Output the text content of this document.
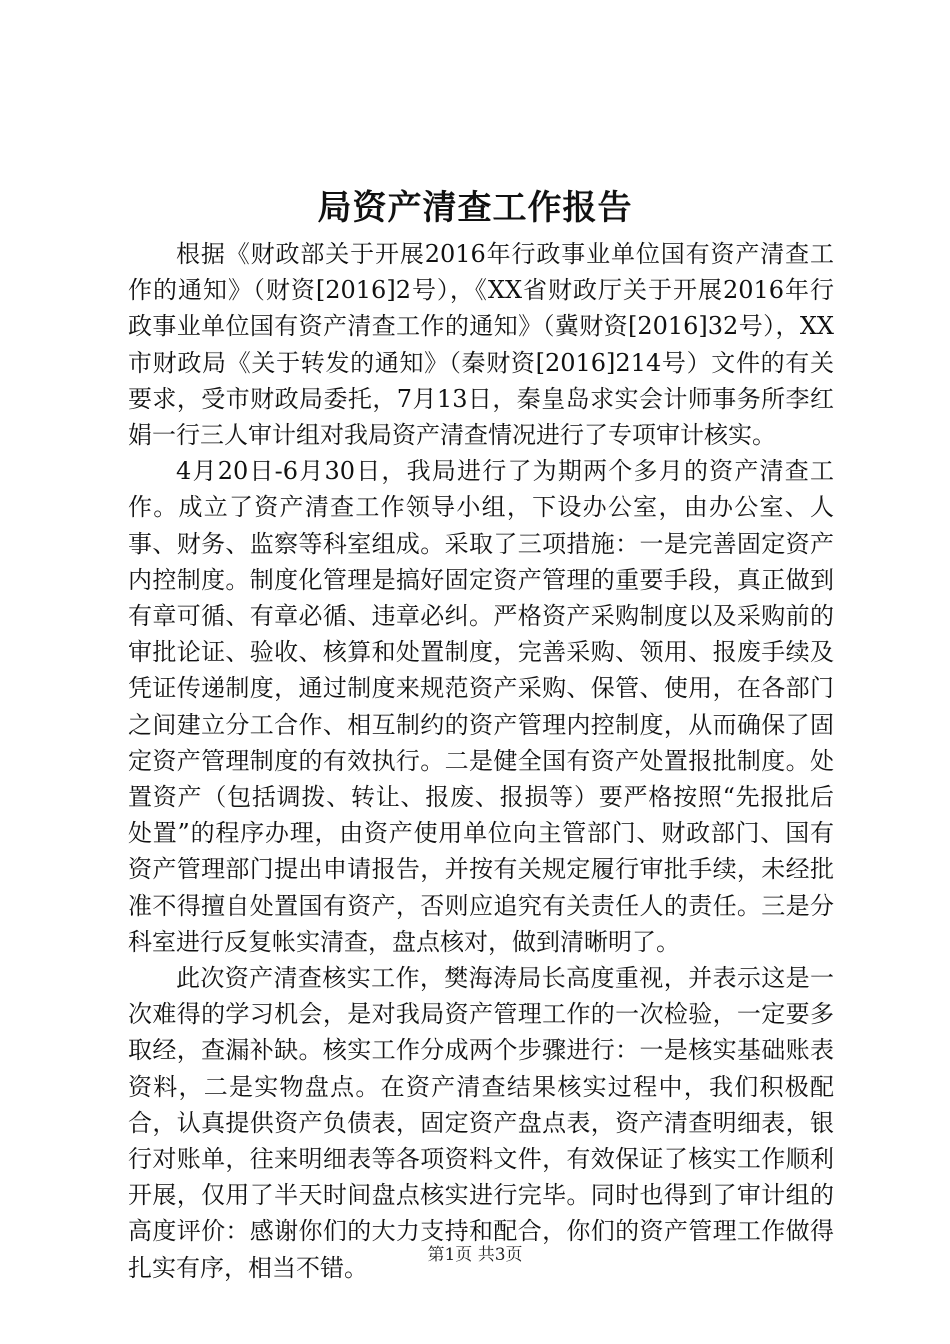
局资产清查工作报告

根据《财政部关于开展2016年行政事业单位国有资产清查工作的通知》（财资[2016]2号），《XX省财政厅关于开展2016年行政事业单位国有资产清查工作的通知》（冀财资[2016]32号），XX市财政局《关于转发的通知》（秦财资[2016]214号）文件的有关要求，受市财政局委托，7月13日，秦皇岛求实会计师事务所李红娟一行三人审计组对我局资产清查情况进行了专项审计核实。

4月20日-6月30日，我局进行了为期两个多月的资产清查工作。成立了资产清查工作领导小组，下设办公室，由办公室、人事、财务、监察等科室组成。采取了三项措施：一是完善固定资产内控制度。制度化管理是搞好固定资产管理的重要手段，真正做到有章可循、有章必循、违章必纠。严格资产采购制度以及采购前的审批论证、验收、核算和处置制度，完善采购、领用、报废手续及凭证传递制度，通过制度来规范资产采购、保管、使用，在各部门之间建立分工合作、相互制约的资产管理内控制度，从而确保了固定资产管理制度的有效执行。二是健全国有资产处置报批制度。处置资产（包括调拨、转让、报废、报损等）要严格按照“先报批后处置”的程序办理，由资产使用单位向主管部门、财政部门、国有资产管理部门提出申请报告，并按有关规定履行审批手续，未经批准不得擅自处置国有资产，否则应追究有关责任人的责任。三是分科室进行反复帐实清查，盘点核对，做到清晰明了。

此次资产清查核实工作，樊海涛局长高度重视，并表示这是一次难得的学习机会，是对我局资产管理工作的一次检验，一定要多取经，查漏补缺。核实工作分成两个步骤进行：一是核实基础账表资料，二是实物盘点。在资产清查结果核实过程中，我们积极配合，认真提供资产负债表，固定资产盘点表，资产清查明细表，银行对账单，往来明细表等各项资料文件，有效保证了核实工作顺利开展，仅用了半天时间盘点核实进行完毕。同时也得到了审计组的高度评价：感谢你们的大力支持和配合，你们的资产管理工作做得扎实有序，相当不错。	第1页 共3页
